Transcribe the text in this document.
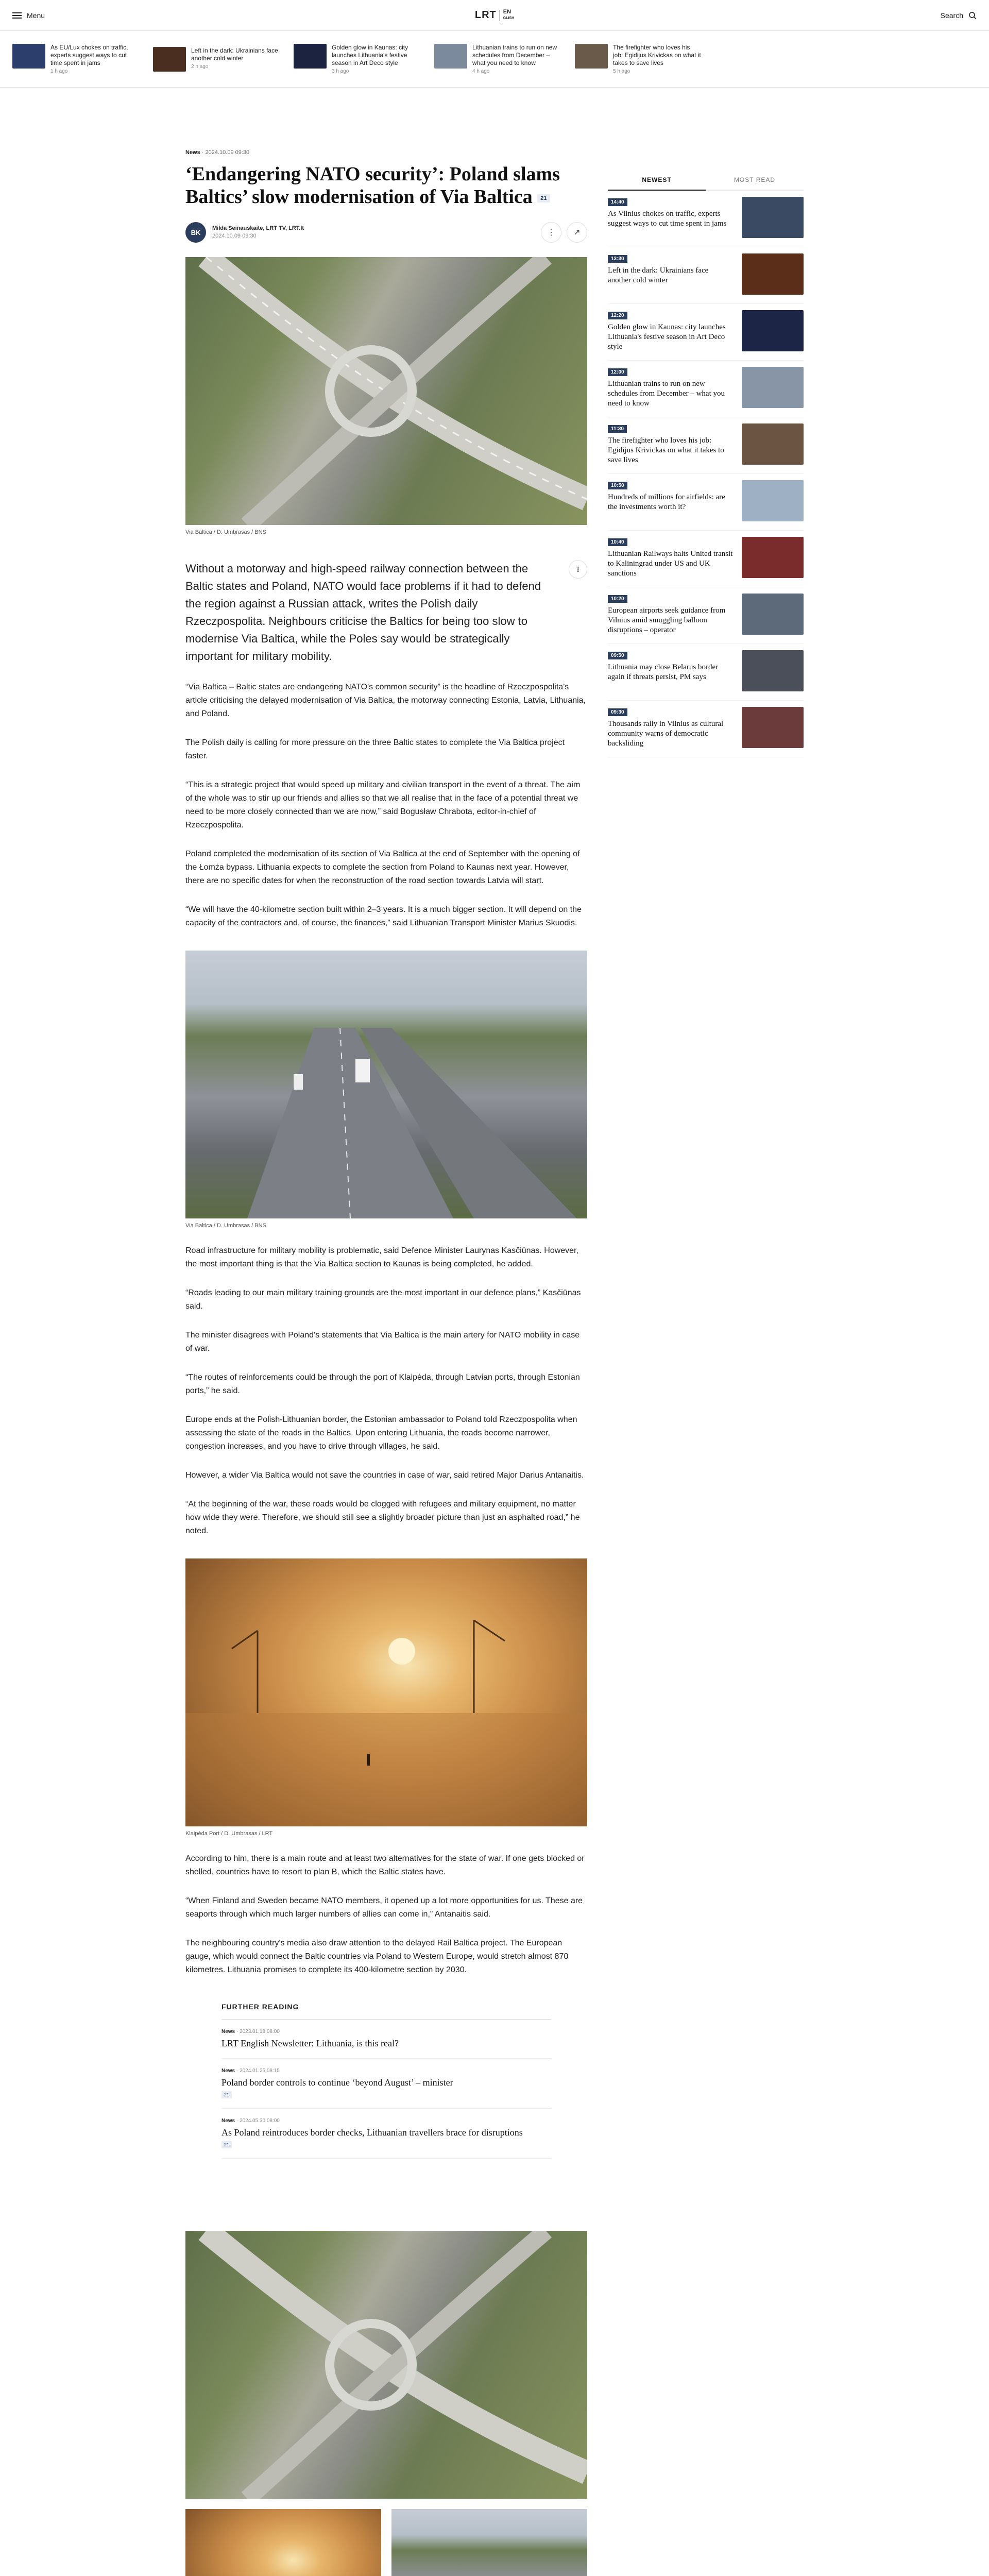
Menu	LRT EN
GLISH	Search
As EU/Lux chokes on traffic, experts suggest ways to cut time spent in jams
1 h ago
Left in the dark: Ukrainians face another cold winter
2 h ago
Golden glow in Kaunas: city launches Lithuania's festive season in Art Deco style
3 h ago
Lithuanian trains to run on new schedules from December – what you need to know
4 h ago
The firefighter who loves his job: Egidijus Krivickas on what it takes to save lives
5 h ago
News · 2024.10.09 09:30
‘Endangering NATO security’: Poland slams Baltics’ slow modernisation of Via Baltica 21
BK
Milda Seinauskaite, LRT TV, LRT.lt
2024.10.09 09:30	⋮	↗
Via Baltica / D. Umbrasas / BNS
Without a motorway and high-speed railway connection between the Baltic states and Poland, NATO would face problems if it had to defend the region against a Russian attack, writes the Polish daily Rzeczpospolita. Neighbours criticise the Baltics for being too slow to modernise Via Baltica, while the Poles say would be strategically important for military mobility.
⇪

“Via Baltica – Baltic states are endangering NATO's common security” is the headline of Rzeczpospolita's article criticising the delayed modernisation of Via Baltica, the motorway connecting Estonia, Latvia, Lithuania, and Poland.

The Polish daily is calling for more pressure on the three Baltic states to complete the Via Baltica project faster.

“This is a strategic project that would speed up military and civilian transport in the event of a threat. The aim of the whole was to stir up our friends and allies so that we all realise that in the face of a potential threat we need to be more closely connected than we are now,” said Bogusław Chrabota, editor-in-chief of Rzeczpospolita.

Poland completed the modernisation of its section of Via Baltica at the end of September with the opening of the Łomża bypass. Lithuania expects to complete the section from Poland to Kaunas next year. However, there are no specific dates for when the reconstruction of the road section towards Latvia will start.

“We will have the 40-kilometre section built within 2–3 years. It is a much bigger section. It will depend on the capacity of the contractors and, of course, the finances,” said Lithuanian Transport Minister Marius Skuodis.

Via Baltica / D. Umbrasas / BNS

Road infrastructure for military mobility is problematic, said Defence Minister Laurynas Kasčiūnas. However, the most important thing is that the Via Baltica section to Kaunas is being completed, he added.

“Roads leading to our main military training grounds are the most important in our defence plans,” Kasčiūnas said.

The minister disagrees with Poland's statements that Via Baltica is the main artery for NATO mobility in case of war.

“The routes of reinforcements could be through the port of Klaipėda, through Latvian ports, through Estonian ports,” he said.

Europe ends at the Polish-Lithuanian border, the Estonian ambassador to Poland told Rzeczpospolita when assessing the state of the roads in the Baltics. Upon entering Lithuania, the roads become narrower, congestion increases, and you have to drive through villages, he said.

However, a wider Via Baltica would not save the countries in case of war, said retired Major Darius Antanaitis.

“At the beginning of the war, these roads would be clogged with refugees and military equipment, no matter how wide they were. Therefore, we should still see a slightly broader picture than just an asphalted road,” he noted.

Klaipėda Port / D. Umbrasas / LRT

According to him, there is a main route and at least two alternatives for the state of war. If one gets blocked or shelled, countries have to resort to plan B, which the Baltic states have.

“When Finland and Sweden became NATO members, it opened up a lot more opportunities for us. These are seaports through which much larger numbers of allies can come in,” Antanaitis said.

The neighbouring country's media also draw attention to the delayed Rail Baltica project. The European gauge, which would connect the Baltic countries via Poland to Western Europe, would stretch almost 870 kilometres. Lithuania promises to complete its 400-kilometre section by 2030.

FURTHER READING
News · 2023.01.18 08:00
LRT English Newsletter: Lithuania, is this real?
News · 2024.01.25 08:15
Poland border controls to continue ‘beyond August’ – minister
21
News · 2024.05.30 08:00
As Poland reintroduces border checks, Lithuanian travellers brace for disruptions
21
NEWEST	MOST READ
14:40
As Vilnius chokes on traffic, experts suggest ways to cut time spent in jams
13:30
Left in the dark: Ukrainians face another cold winter
12:20
Golden glow in Kaunas: city launches Lithuania's festive season in Art Deco style
12:00
Lithuanian trains to run on new schedules from December – what you need to know
11:30
The firefighter who loves his job: Egidijus Krivickas on what it takes to save lives
10:50
Hundreds of millions for airfields: are the investments worth it?
10:40
Lithuanian Railways halts United transit to Kaliningrad under US and UK sanctions
10:20
European airports seek guidance from Vilnius amid smuggling balloon disruptions – operator
09:50
Lithuania may close Belarus border again if threats persist, PM says
09:30
Thousands rally in Vilnius as cultural community warns of democratic backsliding
